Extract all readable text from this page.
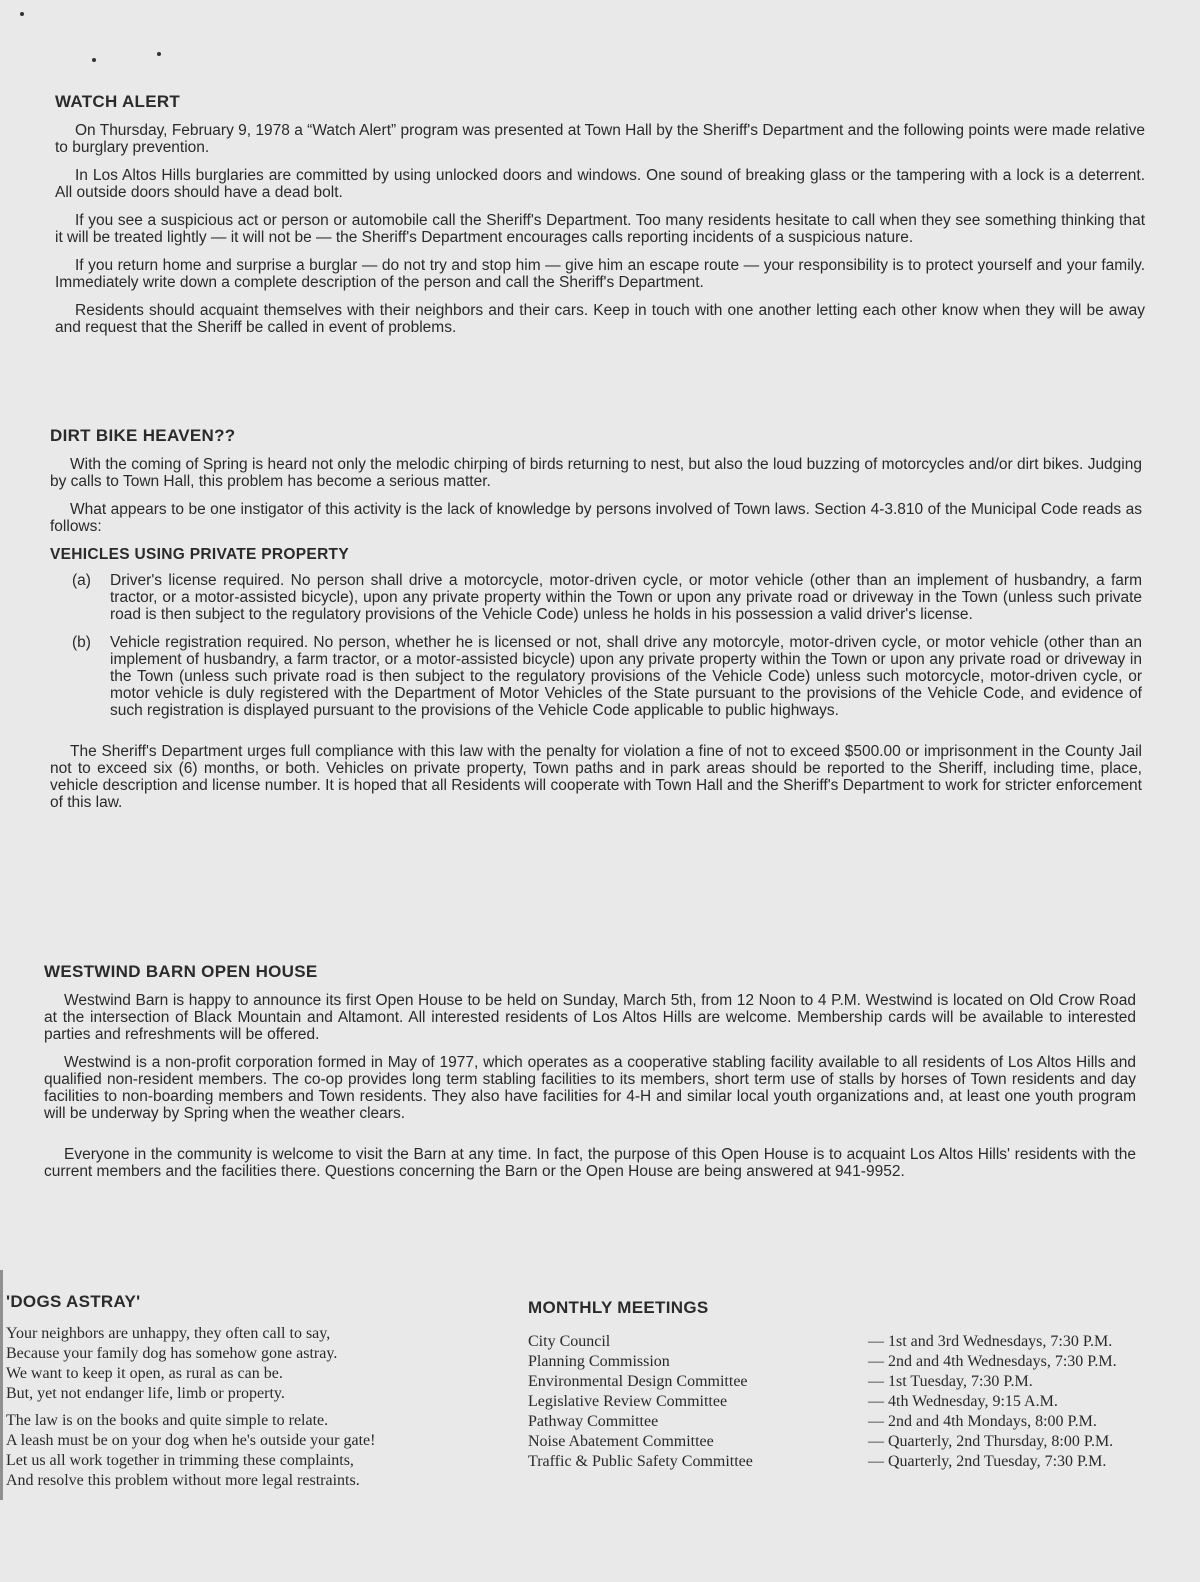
WATCH ALERT

On Thursday, February 9, 1978 a “Watch Alert” program was presented at Town Hall by the Sheriff's Department and the following points were made relative to burglary prevention.

In Los Altos Hills burglaries are committed by using unlocked doors and windows. One sound of breaking glass or the tampering with a lock is a deterrent. All outside doors should have a dead bolt.

If you see a suspicious act or person or automobile call the Sheriff's Department. Too many residents hesitate to call when they see something thinking that it will be treated lightly — it will not be — the Sheriff's Department encourages calls reporting incidents of a suspicious nature.

If you return home and surprise a burglar — do not try and stop him — give him an escape route — your responsibility is to protect yourself and your family. Immediately write down a complete description of the person and call the Sheriff's Department.

Residents should acquaint themselves with their neighbors and their cars. Keep in touch with one another letting each other know when they will be away and request that the Sheriff be called in event of problems.

DIRT BIKE HEAVEN??

With the coming of Spring is heard not only the melodic chirping of birds returning to nest, but also the loud buzzing of motorcycles and/or dirt bikes. Judging by calls to Town Hall, this problem has become a serious matter.

What appears to be one instigator of this activity is the lack of knowledge by persons involved of Town laws. Section 4-3.810 of the Municipal Code reads as follows:

VEHICLES USING PRIVATE PROPERTY
(a)	Driver's license required. No person shall drive a motorcycle, motor-driven cycle, or motor vehicle (other than an implement of husbandry, a farm tractor, or a motor-assisted bicycle), upon any private property within the Town or upon any private road or driveway in the Town (unless such private road is then subject to the regulatory provisions of the Vehicle Code) unless he holds in his possession a valid driver's license.
(b)	Vehicle registration required. No person, whether he is licensed or not, shall drive any motorcyle, motor-driven cycle, or motor vehicle (other than an implement of husbandry, a farm tractor, or a motor-assisted bicycle) upon any private property within the Town or upon any private road or driveway in the Town (unless such private road is then subject to the regulatory provisions of the Vehicle Code) unless such motorcycle, motor-driven cycle, or motor vehicle is duly registered with the Department of Motor Vehicles of the State pursuant to the provisions of the Vehicle Code, and evidence of such registration is displayed pursuant to the provisions of the Vehicle Code applicable to public highways.

The Sheriff's Department urges full compliance with this law with the penalty for violation a fine of not to exceed $500.00 or imprisonment in the County Jail not to exceed six (6) months, or both. Vehicles on private property, Town paths and in park areas should be reported to the Sheriff, including time, place, vehicle description and license number. It is hoped that all Residents will cooperate with Town Hall and the Sheriff's Department to work for stricter enforcement of this law.

WESTWIND BARN OPEN HOUSE

Westwind Barn is happy to announce its first Open House to be held on Sunday, March 5th, from 12 Noon to 4 P.M. Westwind is located on Old Crow Road at the intersection of Black Mountain and Altamont. All interested residents of Los Altos Hills are welcome. Membership cards will be available to interested parties and refreshments will be offered.

Westwind is a non-profit corporation formed in May of 1977, which operates as a cooperative stabling facility available to all residents of Los Altos Hills and qualified non-resident members. The co-op provides long term stabling facilities to its members, short term use of stalls by horses of Town residents and day facilities to non-boarding members and Town residents. They also have facilities for 4-H and similar local youth organizations and, at least one youth program will be underway by Spring when the weather clears.

Everyone in the community is welcome to visit the Barn at any time. In fact, the purpose of this Open House is to acquaint Los Altos Hills' residents with the current members and the facilities there. Questions concerning the Barn or the Open House are being answered at 941-9952.

'DOGS ASTRAY'
Your neighbors are unhappy, they often call to say,
Because your family dog has somehow gone astray.
We want to keep it open, as rural as can be.
But, yet not endanger life, limb or property.
The law is on the books and quite simple to relate.
A leash must be on your dog when he's outside your gate!
Let us all work together in trimming these complaints,
And resolve this problem without more legal restraints.
MONTHLY MEETINGS
City Council	— 1st and 3rd Wednesdays, 7:30 P.M.
Planning Commission	— 2nd and 4th Wednesdays, 7:30 P.M.
Environmental Design Committee	— 1st Tuesday, 7:30 P.M.
Legislative Review Committee	— 4th Wednesday, 9:15 A.M.
Pathway Committee	— 2nd and 4th Mondays, 8:00 P.M.
Noise Abatement Committee	— Quarterly, 2nd Thursday, 8:00 P.M.
Traffic & Public Safety Committee	— Quarterly, 2nd Tuesday, 7:30 P.M.
